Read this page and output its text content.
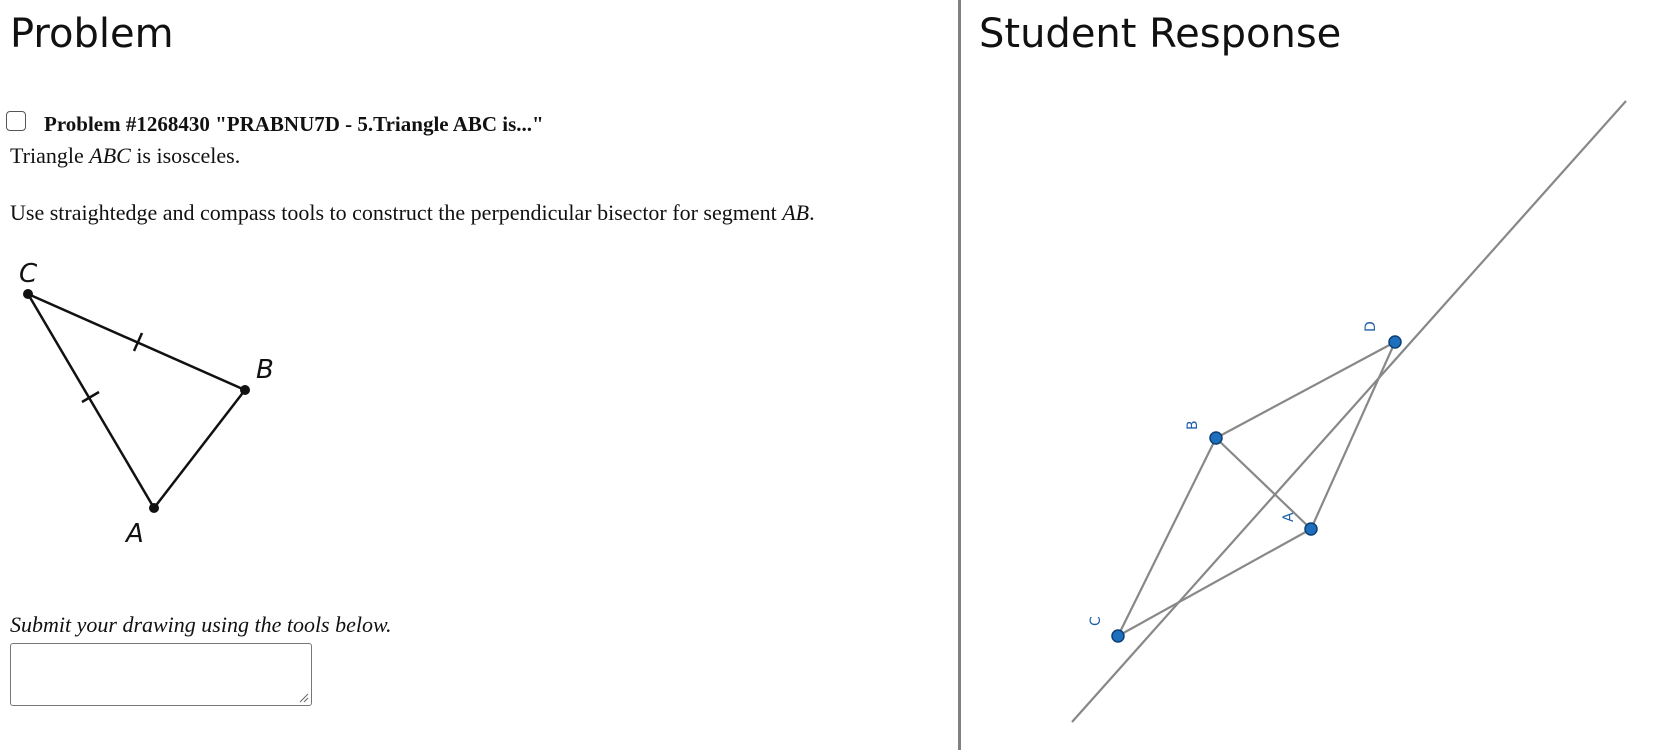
Problem
Problem #1268430 "PRABNU7D - 5.Triangle ABC is..."
Triangle ABC is isosceles.
Use straightedge and compass tools to construct the perpendicular bisector for segment AB.
C
B
A
Submit your drawing using the tools below.
Student Response
D
B
A
C
